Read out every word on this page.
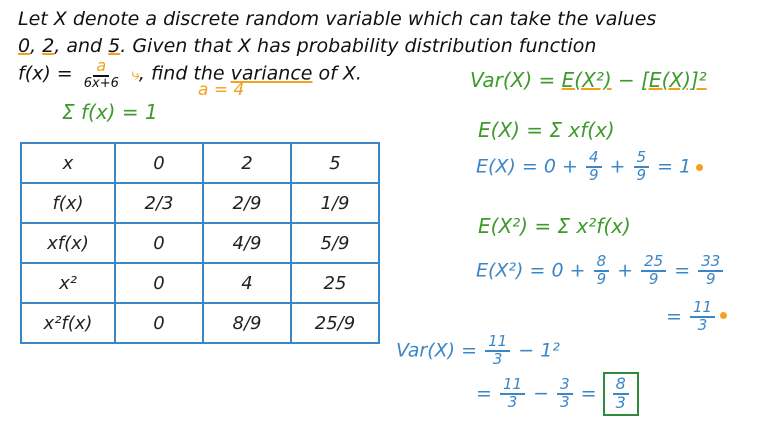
Let X denote a discrete random variable which can take the values
0, 2, and 5. Given that X has probability distribution function
$f(x) = \frac{a}{6x+6}$ ⤷, find the variance of X.
a = 4
Σ f(x) = 1
x	0	2	5
f(x)	2/3	2/9	1/9
xf(x)	0	4/9	5/9
x²	0	4	25
x²f(x)	0	8/9	25/9
Var(X) = E(X²) − [E(X)]²
E(X) = Σ xf(x)
$E(X) = 0 + \frac{4}{9} + \frac{5}{9} = 1$
E(X²) = Σ x²f(x)
$E(X^2) = 0 + \frac{8}{9} + \frac{25}{9} = \frac{33}{9}$
= $\frac{11}{3}$
$Var(X) = \frac{11}{3} - 1^2$
= $\frac{11}{3} - \frac{3}{3} = \frac{8}{3}$
